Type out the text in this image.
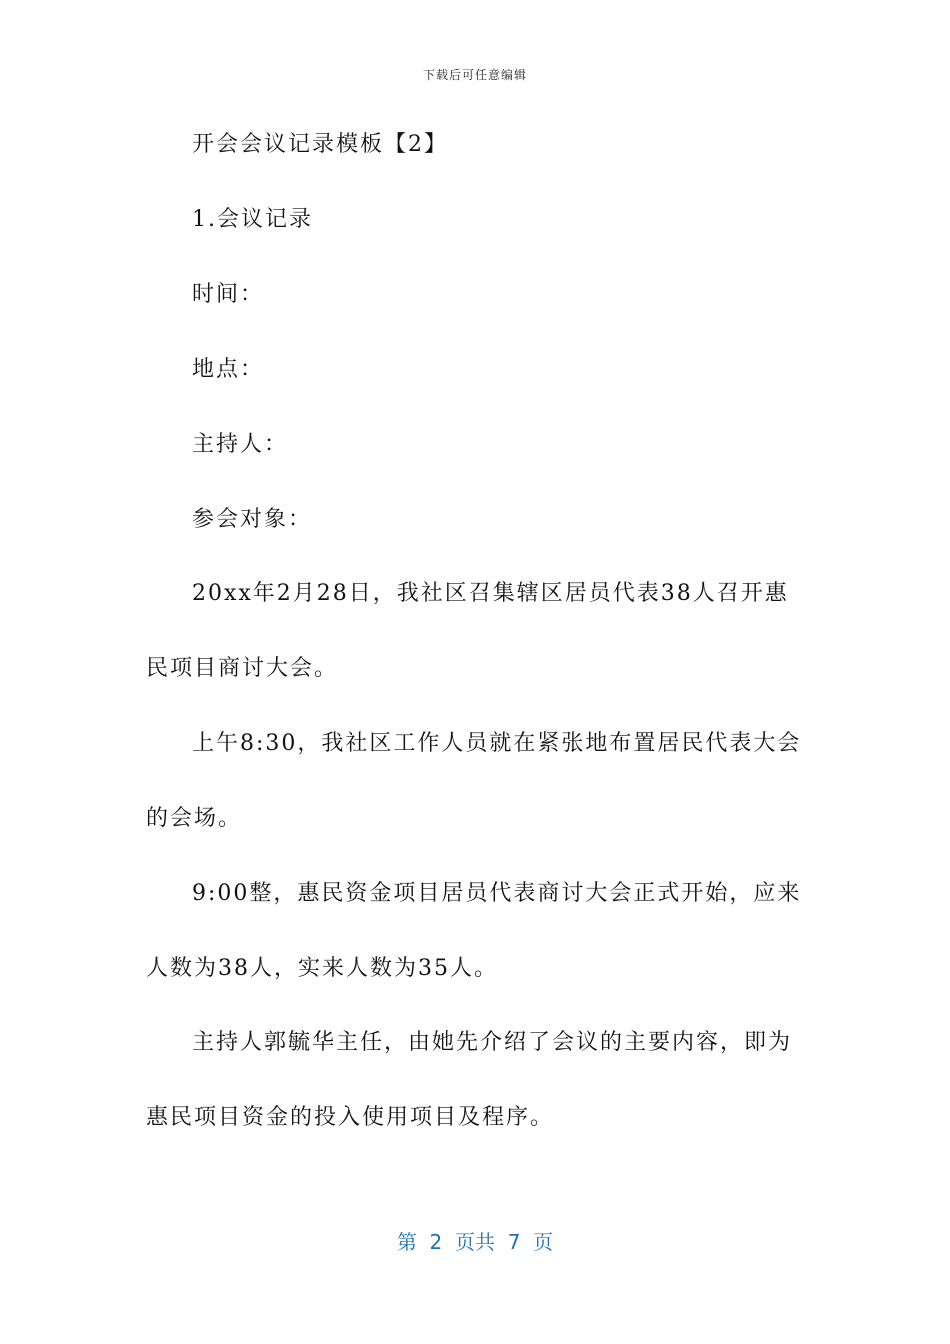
下载后可任意编辑
开会会议记录模板【2】
1.会议记录
时间：
地点：
主持人：
参会对象：
20xx年2月28日，我社区召集辖区居员代表38人召开惠
民项目商讨大会。
上午8:30，我社区工作人员就在紧张地布置居民代表大会
的会场。
9:00整，惠民资金项目居员代表商讨大会正式开始，应来
人数为38人，实来人数为35人。
主持人郭毓华主任，由她先介绍了会议的主要内容，即为
惠民项目资金的投入使用项目及程序。
第  2  页共  7  页
